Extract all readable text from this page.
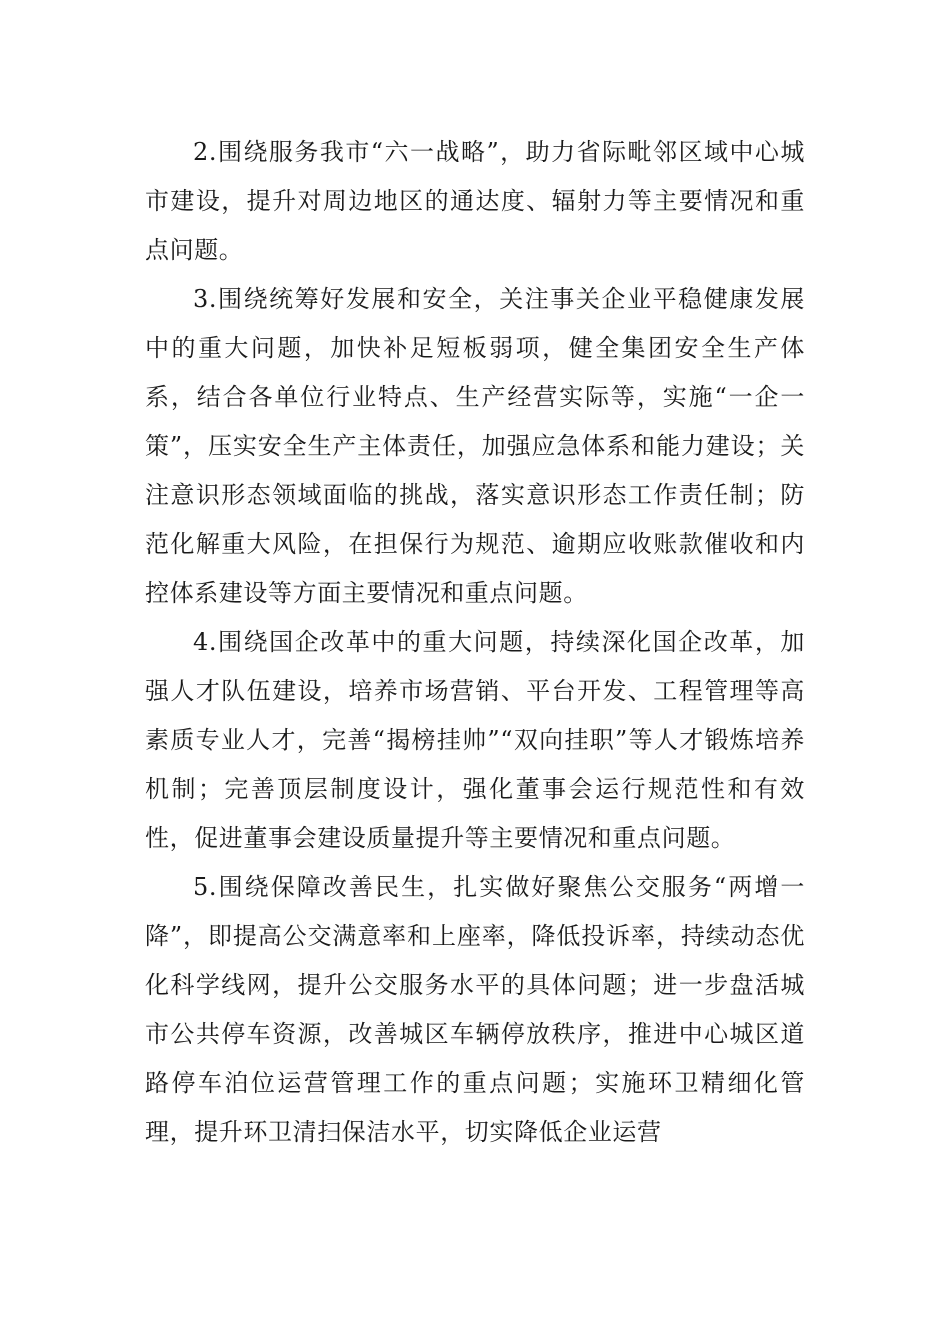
2.围绕服务我市“六一战略”，助力省际毗邻区域中心城市建设，提升对周边地区的通达度、辐射力等主要情况和重点问题。

3.围绕统筹好发展和安全，关注事关企业平稳健康发展中的重大问题，加快补足短板弱项，健全集团安全生产体系，结合各单位行业特点、生产经营实际等，实施“一企一策”，压实安全生产主体责任，加强应急体系和能力建设；关注意识形态领域面临的挑战，落实意识形态工作责任制；防范化解重大风险，在担保行为规范、逾期应收账款催收和内控体系建设等方面主要情况和重点问题。

4.围绕国企改革中的重大问题，持续深化国企改革，加强人才队伍建设，培养市场营销、平台开发、工程管理等高素质专业人才，完善“揭榜挂帅”“双向挂职”等人才锻炼培养机制；完善顶层制度设计，强化董事会运行规范性和有效性，促进董事会建设质量提升等主要情况和重点问题。

5.围绕保障改善民生，扎实做好聚焦公交服务“两增一降”，即提高公交满意率和上座率，降低投诉率，持续动态优化科学线网，提升公交服务水平的具体问题；进一步盘活城市公共停车资源，改善城区车辆停放秩序，推进中心城区道路停车泊位运营管理工作的重点问题；实施环卫精细化管理，提升环卫清扫保洁水平，切实降低企业运营
